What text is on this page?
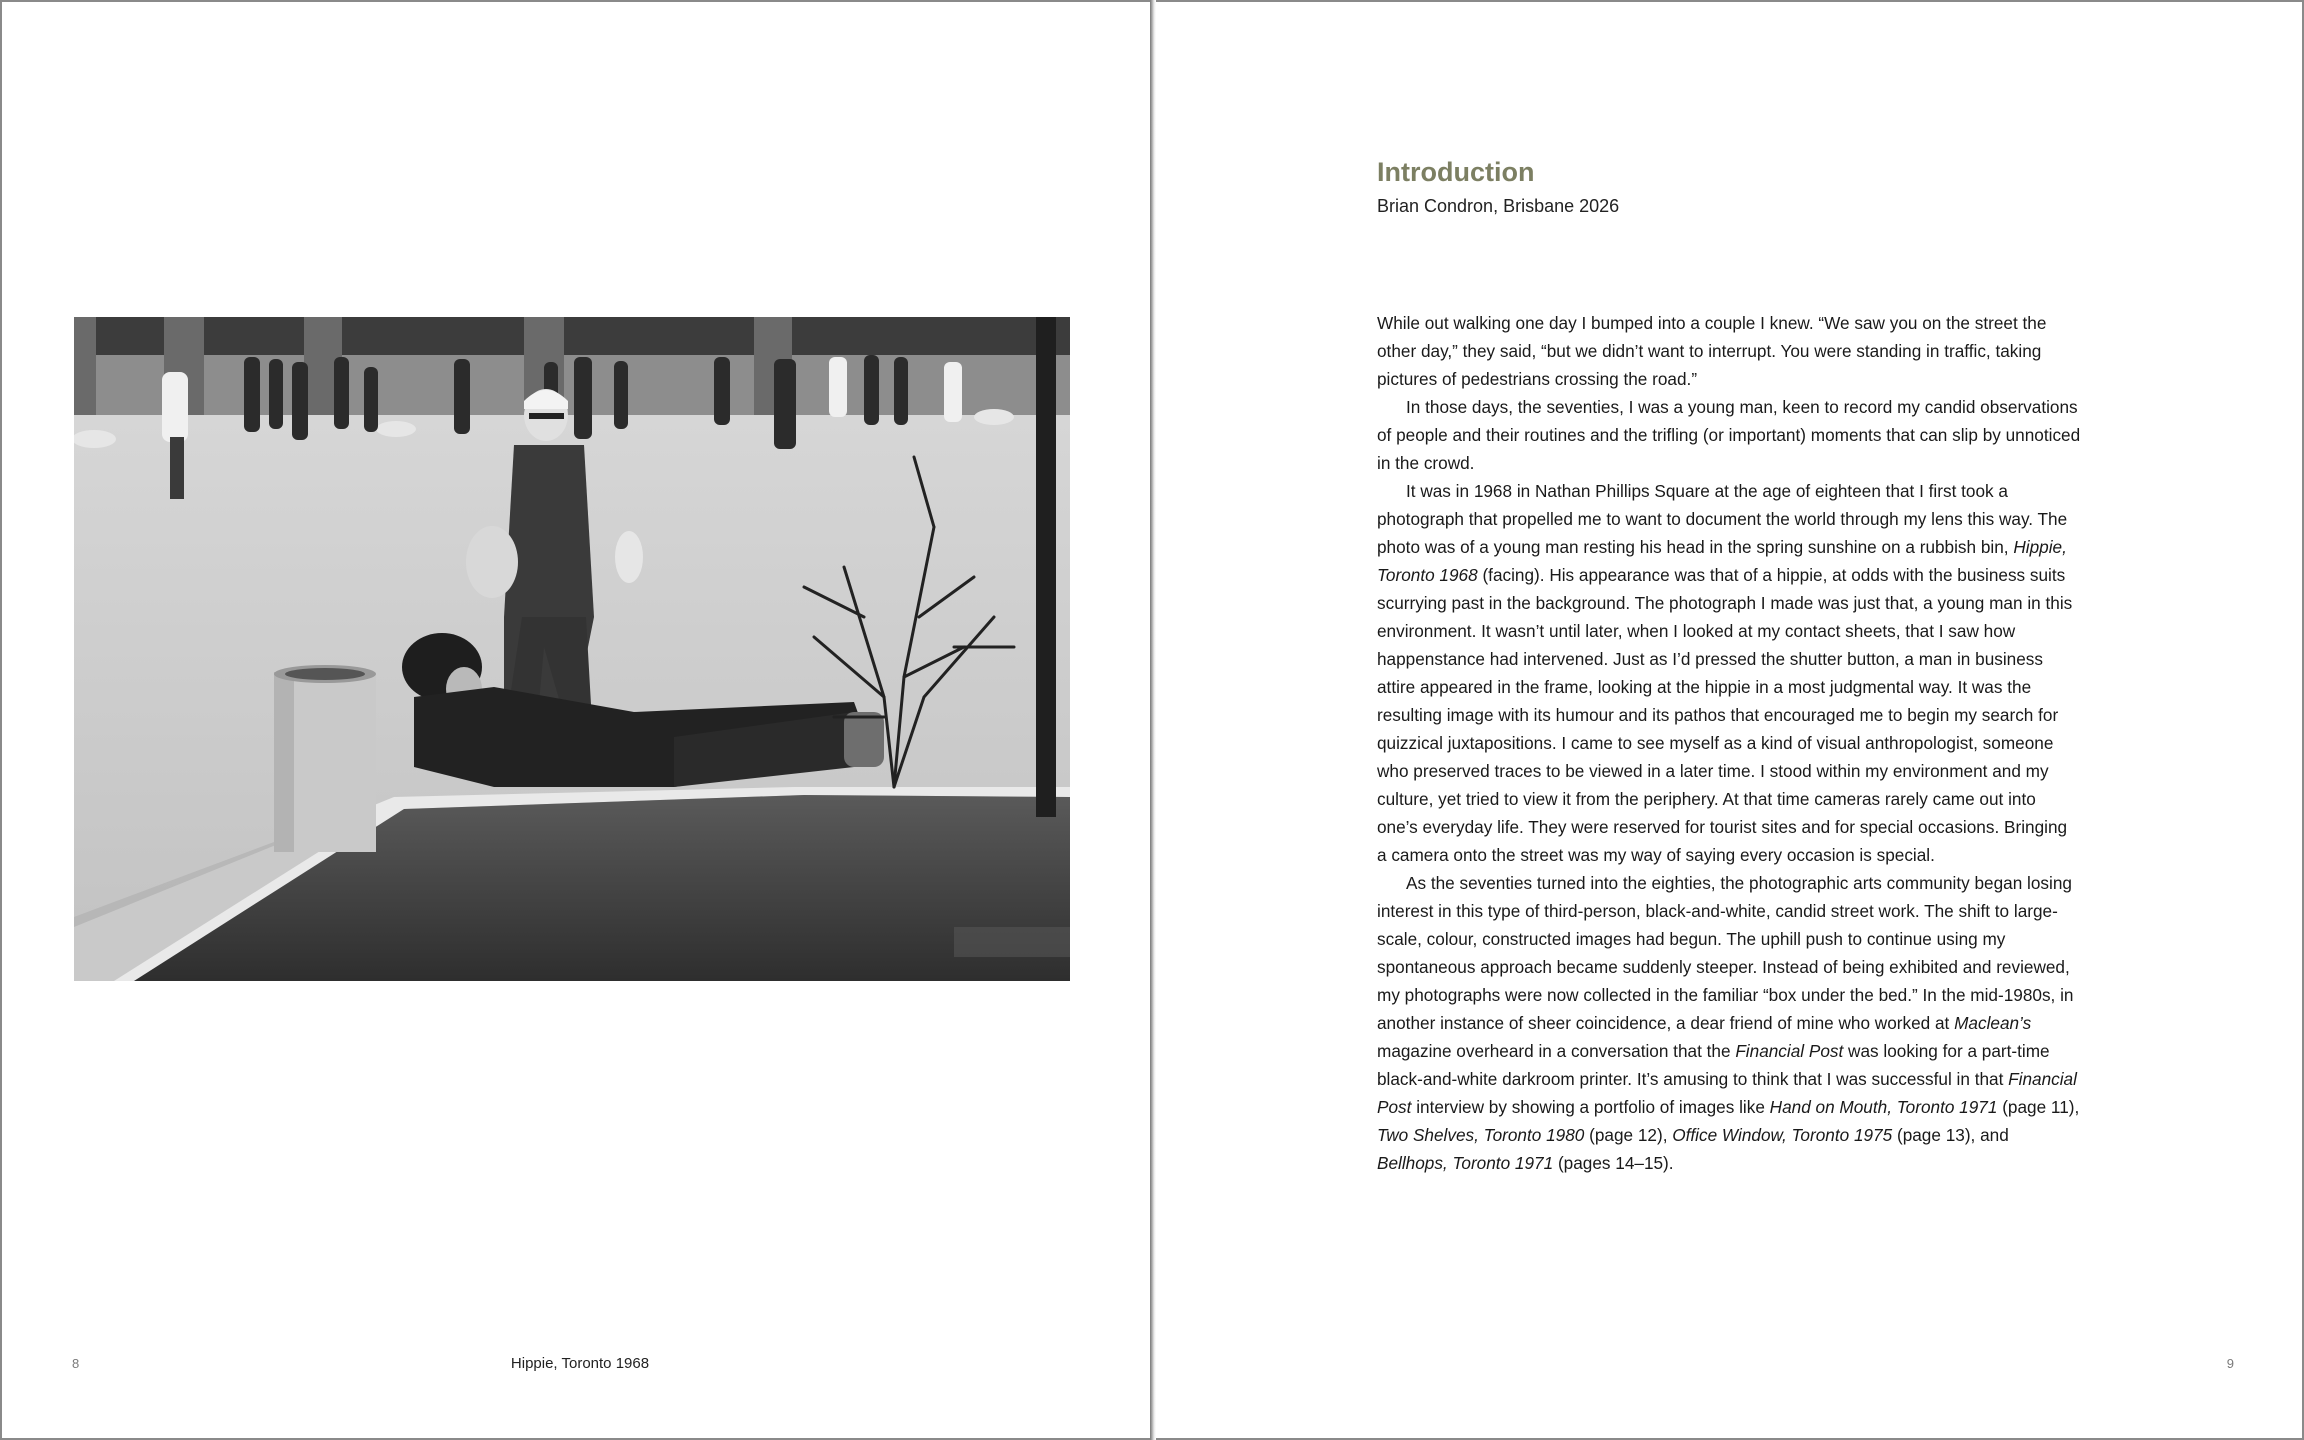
8	Hippie, Toronto 1968
Introduction

Brian Condron, Brisbane 2026

While out walking one day I bumped into a couple I knew. “We saw you on the street the other day,” they said, “but we didn’t want to interrupt. You were standing in traffic, taking pictures of pedestrians crossing the road.”

In those days, the seventies, I was a young man, keen to record my candid observations of people and their routines and the trifling (or important) moments that can slip by unnoticed in the crowd.

It was in 1968 in Nathan Phillips Square at the age of eighteen that I first took a photograph that propelled me to want to document the world through my lens this way. The photo was of a young man resting his head in the spring sunshine on a rubbish bin, Hippie, Toronto 1968 (facing). His appearance was that of a hippie, at odds with the business suits scurrying past in the background. The photograph I made was just that, a young man in this environment. It wasn’t until later, when I looked at my contact sheets, that I saw how happenstance had intervened. Just as I’d pressed the shutter button, a man in business attire appeared in the frame, looking at the hippie in a most judgmental way. It was the resulting image with its humour and its pathos that encouraged me to begin my search for quizzical juxtapositions. I came to see myself as a kind of visual anthropologist, someone who preserved traces to be viewed in a later time. I stood within my environment and my culture, yet tried to view it from the periphery. At that time cameras rarely came out into one’s everyday life. They were reserved for tourist sites and for special occasions. Bringing a camera onto the street was my way of saying every occasion is special.

As the seventies turned into the eighties, the photographic arts community began losing interest in this type of third-person, black-and-white, candid street work. The shift to large-scale, colour, constructed images had begun. The uphill push to continue using my spontaneous approach became suddenly steeper. Instead of being exhibited and reviewed, my photographs were now collected in the familiar “box under the bed.” In the mid-1980s, in another instance of sheer coincidence, a dear friend of mine who worked at Maclean’s magazine overheard in a conversation that the Financial Post was looking for a part-time black-and-white darkroom printer. It’s amusing to think that I was successful in that Financial Post interview by showing a portfolio of images like Hand on Mouth, Toronto 1971 (page 11), Two Shelves, Toronto 1980 (page 12), Office Window, Toronto 1975 (page 13), and Bellhops, Toronto 1971 (pages 14–15).

9
